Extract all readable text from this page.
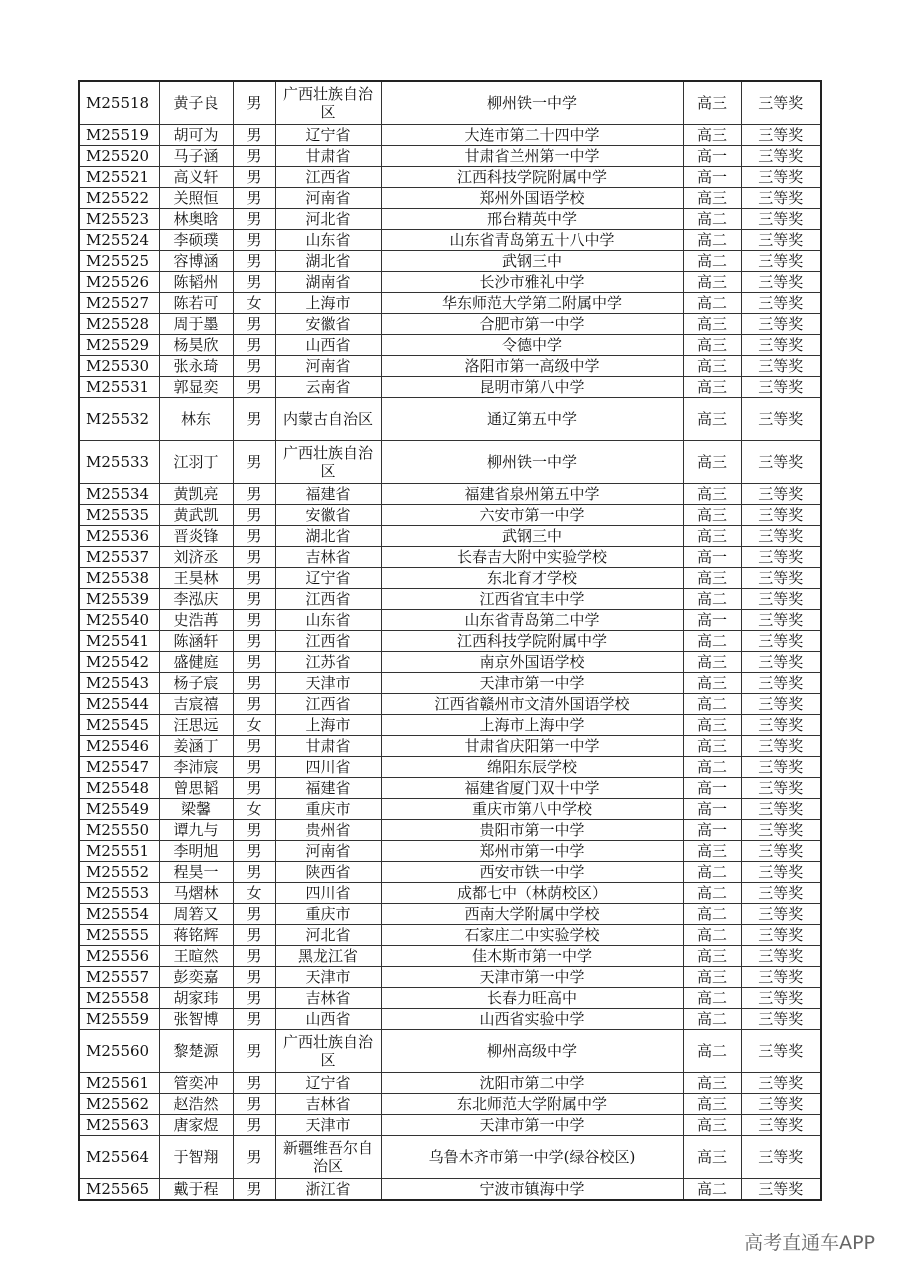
M25518	黄子良	男	广西壮族自治区	柳州铁一中学	高三	三等奖
M25519	胡可为	男	辽宁省	大连市第二十四中学	高三	三等奖
M25520	马子涵	男	甘肃省	甘肃省兰州第一中学	高一	三等奖
M25521	高义轩	男	江西省	江西科技学院附属中学	高一	三等奖
M25522	关照恒	男	河南省	郑州外国语学校	高三	三等奖
M25523	林奥晗	男	河北省	邢台精英中学	高二	三等奖
M25524	李硕璞	男	山东省	山东省青岛第五十八中学	高二	三等奖
M25525	容博涵	男	湖北省	武钢三中	高二	三等奖
M25526	陈韬州	男	湖南省	长沙市雅礼中学	高三	三等奖
M25527	陈若可	女	上海市	华东师范大学第二附属中学	高二	三等奖
M25528	周于墨	男	安徽省	合肥市第一中学	高三	三等奖
M25529	杨昊欣	男	山西省	令德中学	高三	三等奖
M25530	张永琦	男	河南省	洛阳市第一高级中学	高三	三等奖
M25531	郭显奕	男	云南省	昆明市第八中学	高三	三等奖
M25532	林东	男	内蒙古自治区	通辽第五中学	高三	三等奖
M25533	江羽丁	男	广西壮族自治区	柳州铁一中学	高三	三等奖
M25534	黄凯亮	男	福建省	福建省泉州第五中学	高三	三等奖
M25535	黄武凯	男	安徽省	六安市第一中学	高三	三等奖
M25536	晋炎锋	男	湖北省	武钢三中	高三	三等奖
M25537	刘济丞	男	吉林省	长春吉大附中实验学校	高一	三等奖
M25538	王昊林	男	辽宁省	东北育才学校	高三	三等奖
M25539	李泓庆	男	江西省	江西省宜丰中学	高二	三等奖
M25540	史浩苒	男	山东省	山东省青岛第二中学	高一	三等奖
M25541	陈涵轩	男	江西省	江西科技学院附属中学	高二	三等奖
M25542	盛健庭	男	江苏省	南京外国语学校	高三	三等奖
M25543	杨子宸	男	天津市	天津市第一中学	高三	三等奖
M25544	吉宸禧	男	江西省	江西省赣州市文清外国语学校	高二	三等奖
M25545	汪思远	女	上海市	上海市上海中学	高三	三等奖
M25546	姜涵丁	男	甘肃省	甘肃省庆阳第一中学	高三	三等奖
M25547	李沛宸	男	四川省	绵阳东辰学校	高二	三等奖
M25548	曾思韬	男	福建省	福建省厦门双十中学	高一	三等奖
M25549	梁馨	女	重庆市	重庆市第八中学校	高一	三等奖
M25550	谭九与	男	贵州省	贵阳市第一中学	高一	三等奖
M25551	李明旭	男	河南省	郑州市第一中学	高三	三等奖
M25552	程昊一	男	陕西省	西安市铁一中学	高二	三等奖
M25553	马熠林	女	四川省	成都七中（林荫校区）	高二	三等奖
M25554	周箬又	男	重庆市	西南大学附属中学校	高二	三等奖
M25555	蒋铭辉	男	河北省	石家庄二中实验学校	高二	三等奖
M25556	王暄然	男	黑龙江省	佳木斯市第一中学	高三	三等奖
M25557	彭奕嘉	男	天津市	天津市第一中学	高三	三等奖
M25558	胡家玮	男	吉林省	长春力旺高中	高二	三等奖
M25559	张智博	男	山西省	山西省实验中学	高二	三等奖
M25560	黎楚源	男	广西壮族自治区	柳州高级中学	高二	三等奖
M25561	管奕冲	男	辽宁省	沈阳市第二中学	高三	三等奖
M25562	赵浩然	男	吉林省	东北师范大学附属中学	高三	三等奖
M25563	唐家煜	男	天津市	天津市第一中学	高三	三等奖
M25564	于智翔	男	新疆维吾尔自治区	乌鲁木齐市第一中学(绿谷校区)	高三	三等奖
M25565	戴于程	男	浙江省	宁波市镇海中学	高二	三等奖
高考直通车APP
